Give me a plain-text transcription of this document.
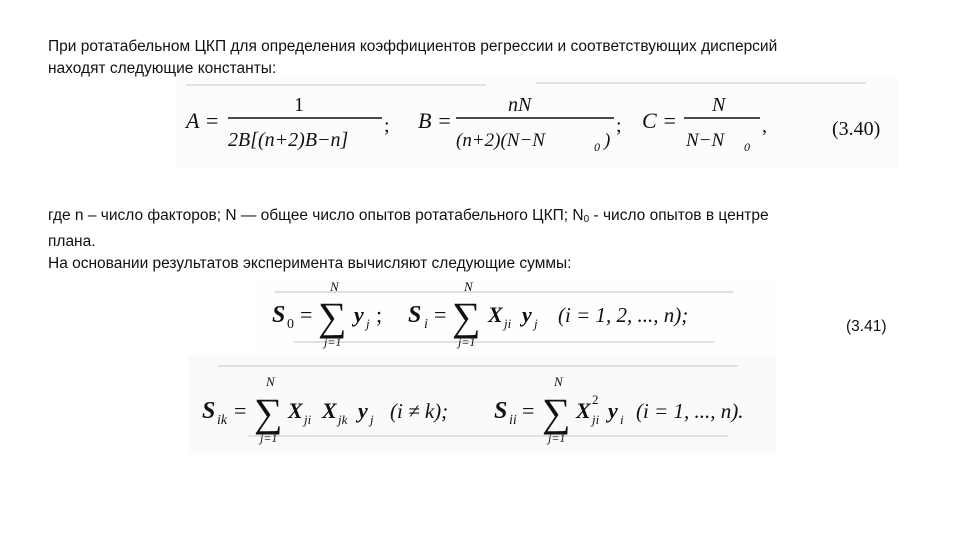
При ротатабельном ЦКП для определения коэффициентов регрессии и соответствующих дисперсий
находят следующие константы:

A =
1
2B[(n+2)B−n]
; B =
nN
(n+2)(N−N	0 )
; C =
N
N−N 0
,	(3.40)

где n – число факторов; N — общее число опытов ротатабельного ЦКП; $N_0$ - число опытов в центре
плана.
На основании результатов эксперимента вычисляют следующие суммы:

S 0 =
N
∑
j=1
y j ; S i =
N
∑
j=1
X ji y j (i = 1, 2, ..., n);	(3.41)
S ik =
N
∑
j=1
X ji X jk y j (i ≠ k); S ii =
N
∑
j=1
X 2
ji y i (i = 1, ..., n).
